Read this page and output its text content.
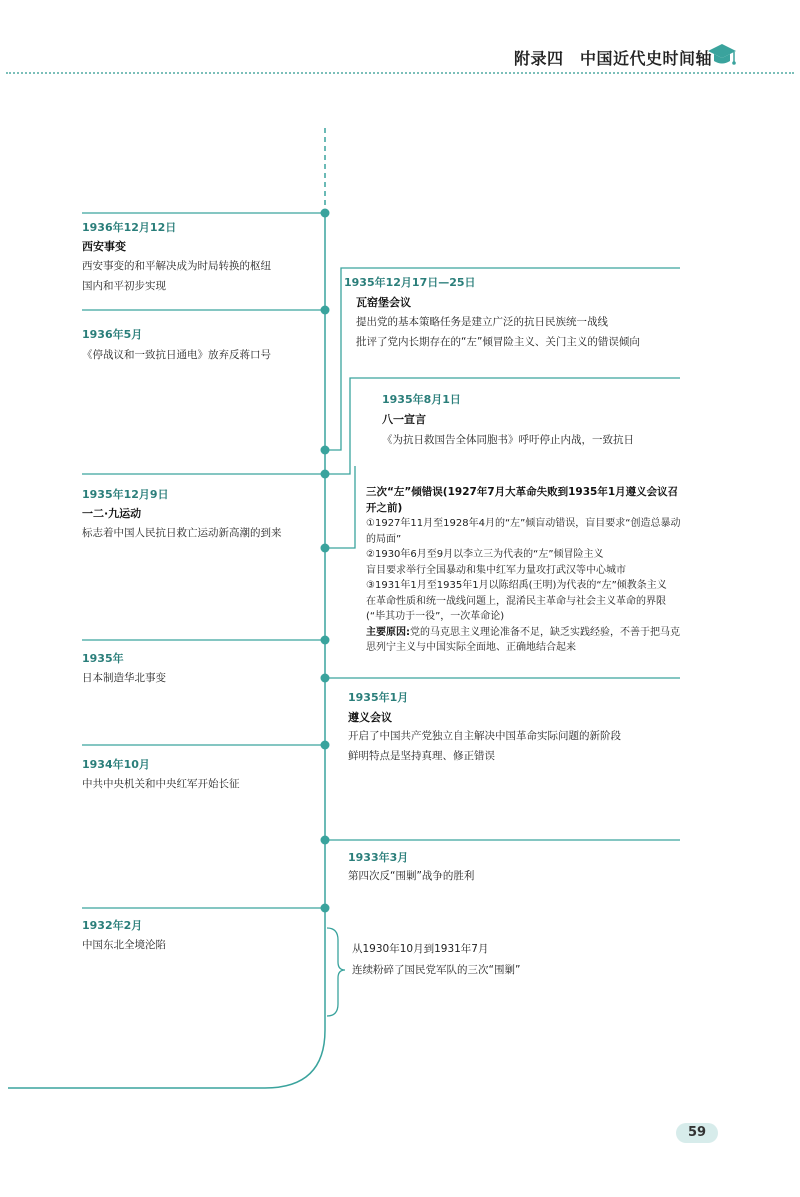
附录四　中国近代史时间轴
1936年12月12日
西安事变
西安事变的和平解决成为时局转换的枢纽
国内和平初步实现
1936年5月
《停战议和一致抗日通电》放弃反蒋口号
1935年12月9日
一二·九运动
标志着中国人民抗日救亡运动新高潮的到来
1935年
日本制造华北事变
1934年10月
中共中央机关和中央红军开始长征
1932年2月
中国东北全境沦陷
1935年12月17日—25日
瓦窑堡会议
提出党的基本策略任务是建立广泛的抗日民族统一战线
批评了党内长期存在的“左”倾冒险主义、关门主义的错误倾向
1935年8月1日
八一宣言
《为抗日救国告全体同胞书》呼吁停止内战，一致抗日
1935年1月
遵义会议
开启了中国共产党独立自主解决中国革命实际问题的新阶段
鲜明特点是坚持真理、修正错误
1933年3月
第四次反“围剿”战争的胜利
三次“左”倾错误(1927年7月大革命失败到1935年1月遵义会议召开之前)
①1927年11月至1928年4月的“左”倾盲动错误，盲目要求“创造总暴动的局面”
②1930年6月至9月以李立三为代表的“左”倾冒险主义
盲目要求举行全国暴动和集中红军力量攻打武汉等中心城市
③1931年1月至1935年1月以陈绍禹(王明)为代表的“左”倾教条主义
在革命性质和统一战线问题上，混淆民主革命与社会主义革命的界限(“毕其功于一役”，一次革命论)
主要原因:党的马克思主义理论准备不足，缺乏实践经验，不善于把马克思列宁主义与中国实际全面地、正确地结合起来
从1930年10月到1931年7月
连续粉碎了国民党军队的三次“围剿”
59
